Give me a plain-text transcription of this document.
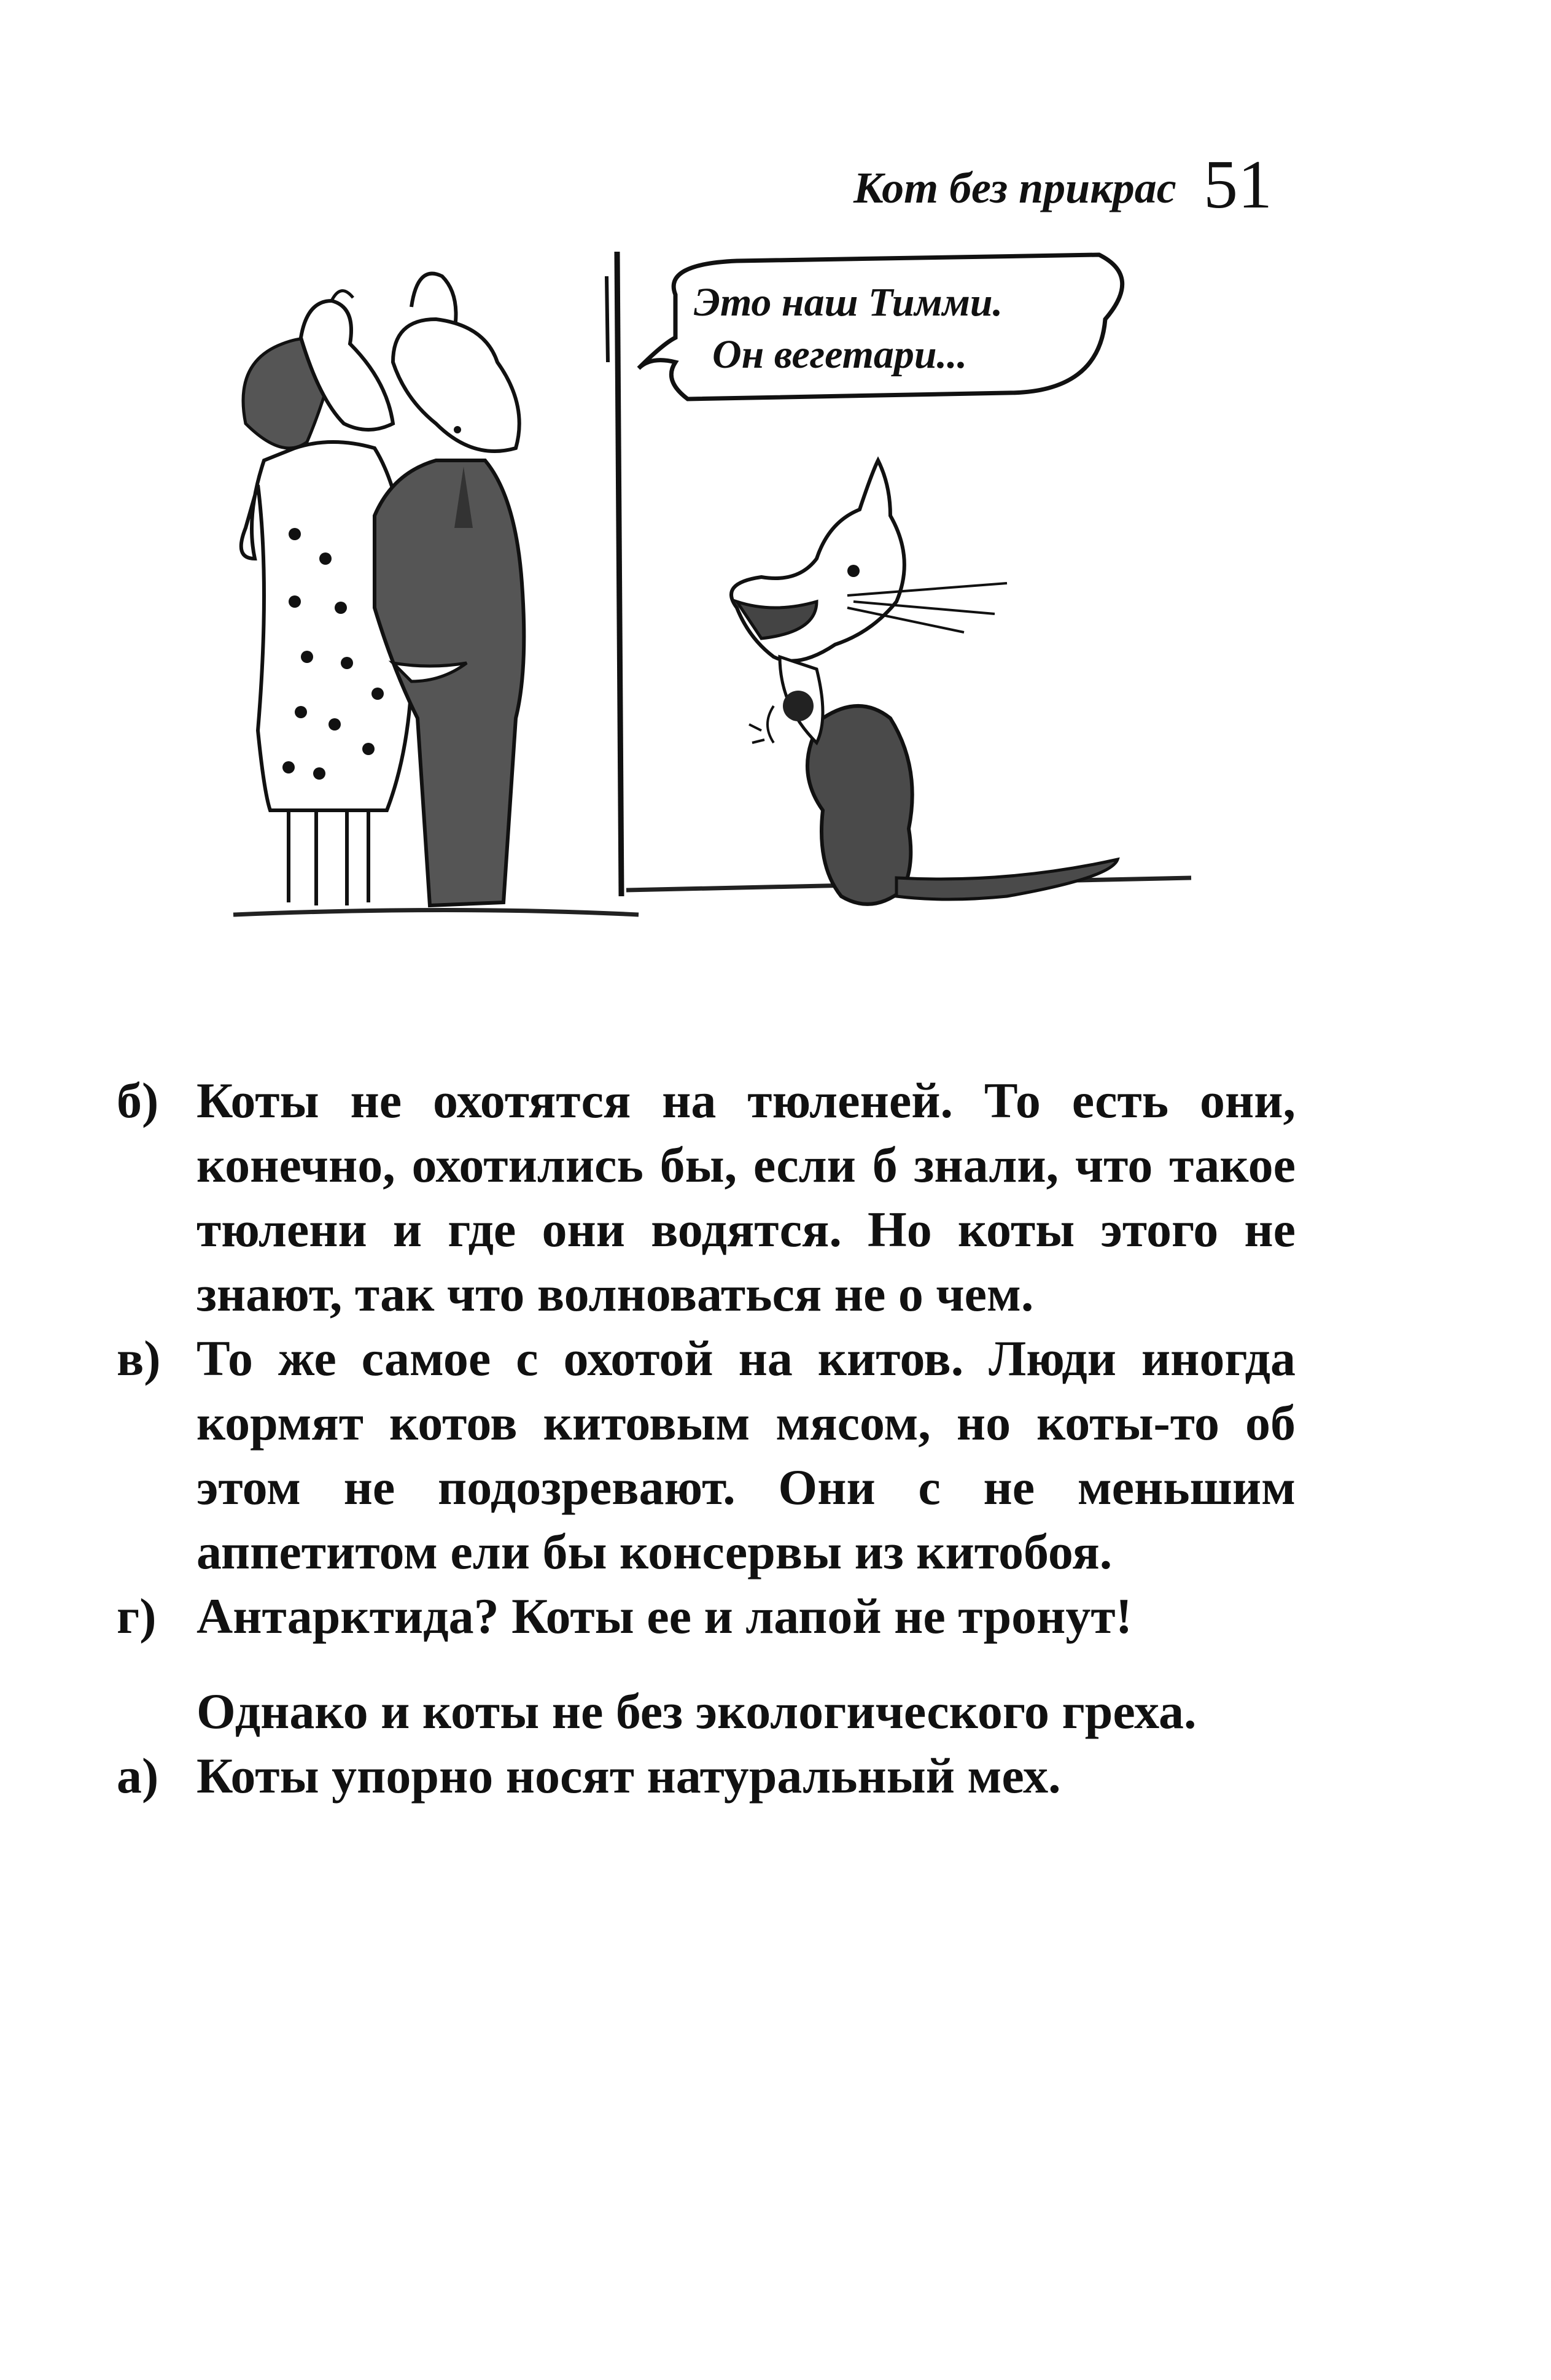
Кот без прикрас 51
Это наш Тимми.
Он вегетари...
б) Коты не охотятся на тюленей. То есть они, конечно, охотились бы, если б знали, что такое тюлени и где они водятся. Но коты этого не знают, так что волноваться не о чем.
в) То же самое с охотой на китов. Люди иногда кормят котов китовым мясом, но коты-то об этом не подозревают. Они с не меньшим аппетитом ели бы консервы из китобоя.
г) Антарктида? Коты ее и лапой не тронут!
Однако и коты не без экологического греха.
а) Коты упорно носят натуральный мех.
